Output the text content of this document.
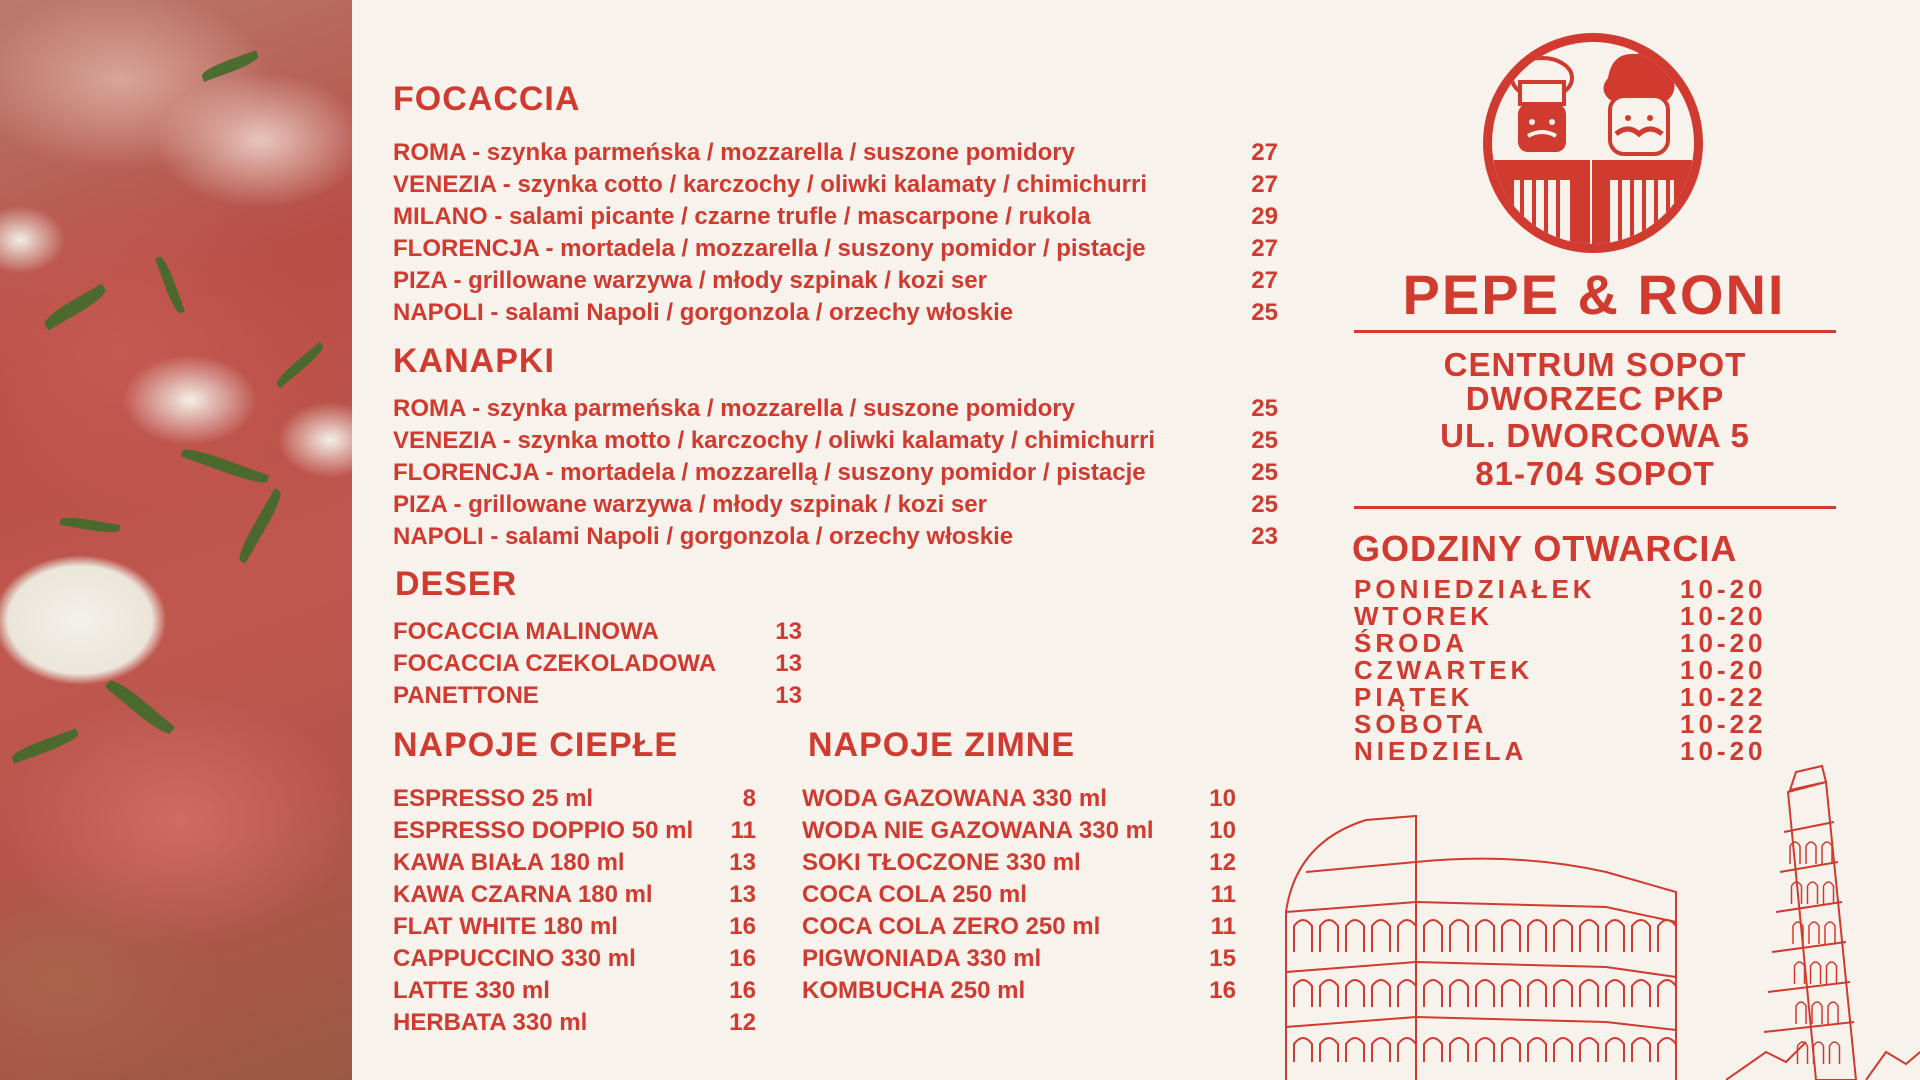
FOCACCIA
ROMA - szynka parmeńska / mozzarella / suszone pomidory	27
VENEZIA - szynka cotto / karczochy / oliwki kalamaty / chimichurri	27
MILANO - salami picante / czarne trufle / mascarpone / rukola	29
FLORENCJA - mortadela / mozzarella / suszony pomidor / pistacje	27
PIZA - grillowane warzywa / młody szpinak / kozi ser	27
NAPOLI - salami Napoli / gorgonzola / orzechy włoskie	25
KANAPKI
ROMA - szynka parmeńska / mozzarella / suszone pomidory	25
VENEZIA - szynka motto / karczochy / oliwki kalamaty / chimichurri	25
FLORENCJA - mortadela / mozzarellą / suszony pomidor / pistacje	25
PIZA - grillowane warzywa / młody szpinak / kozi ser	25
NAPOLI - salami Napoli / gorgonzola / orzechy włoskie	23
DESER
FOCACCIA MALINOWA	13
FOCACCIA CZEKOLADOWA	13
PANETTONE	13
NAPOJE CIEPŁE	NAPOJE ZIMNE
ESPRESSO 25 ml	8
ESPRESSO DOPPIO 50 ml	11
KAWA BIAŁA 180 ml	13
KAWA CZARNA 180 ml	13
FLAT WHITE 180 ml	16
CAPPUCCINO 330 ml	16
LATTE 330 ml	16
HERBATA 330 ml	12
WODA GAZOWANA 330 ml	10
WODA NIE GAZOWANA 330 ml	10
SOKI TŁOCZONE 330 ml	12
COCA COLA 250 ml	11
COCA COLA ZERO 250 ml	11
PIGWONIADA 330 ml	15
KOMBUCHA 250 ml	16
PEPE & RONI
CENTRUM SOPOT
DWORZEC PKP
UL. DWORCOWA 5
81-704 SOPOT
GODZINY OTWARCIA
PONIEDZIAŁEK	10-20
WTOREK	10-20
ŚRODA	10-20
CZWARTEK	10-20
PIĄTEK	10-22
SOBOTA	10-22
NIEDZIELA	10-20
